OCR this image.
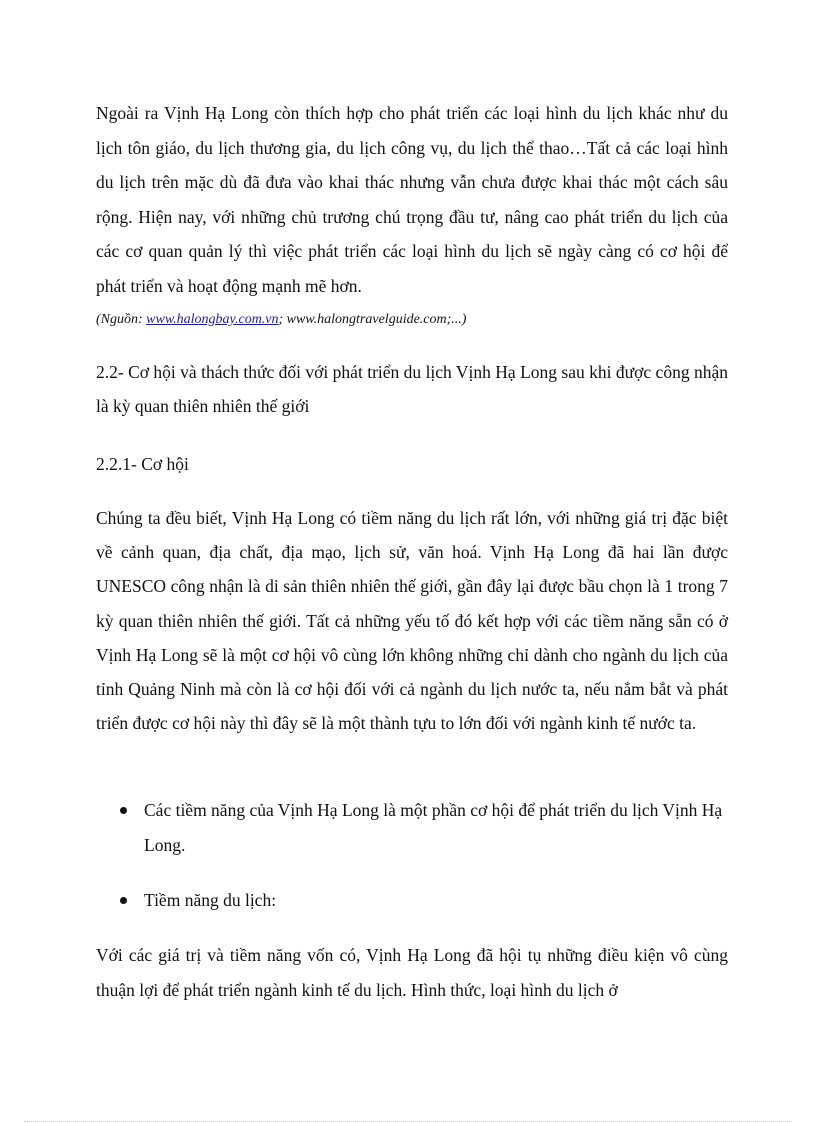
Ngoài ra Vịnh Hạ Long còn thích hợp cho phát triển các loại hình du lịch khác như du lịch tôn giáo, du lịch thương gia, du lịch công vụ, du lịch thể thao…Tất cả các loại hình du lịch trên mặc dù đã đưa vào khai thác nhưng vẫn chưa được khai thác một cách sâu rộng. Hiện nay, với những chủ trương chú trọng đầu tư, nâng cao phát triển du lịch của các cơ quan quản lý thì việc phát triển các loại hình du lịch sẽ ngày càng có cơ hội để phát triển và hoạt động mạnh mẽ hơn.

(Nguồn: www.halongbay.com.vn; www.halongtravelguide.com;...)

2.2- Cơ hội và thách thức đối với phát triển du lịch Vịnh Hạ Long sau khi được công nhận là kỳ quan thiên nhiên thế giới

2.2.1- Cơ hội

Chúng ta đều biết, Vịnh Hạ Long có tiềm năng du lịch rất lớn, với những giá trị đặc biệt về cảnh quan, địa chất, địa mạo, lịch sử, văn hoá. Vịnh Hạ Long đã hai lần được UNESCO công nhận là di sản thiên nhiên thế giới, gần đây lại được bầu chọn là 1 trong 7 kỳ quan thiên nhiên thế giới. Tất cả những yếu tố đó kết hợp với các tiềm năng sẵn có ở Vịnh Hạ Long sẽ là một cơ hội vô cùng lớn không những chỉ dành cho ngành du lịch của tỉnh Quảng Ninh mà còn là cơ hội đối với cả ngành du lịch nước ta, nếu nắm bắt và phát triển được cơ hội này thì đây sẽ là một thành tựu to lớn đối với ngành kinh tế nước ta.

Các tiềm năng của Vịnh Hạ Long là một phần cơ hội để phát triển du lịch Vịnh Hạ Long.
Tiềm năng du lịch:

Với các giá trị và tiềm năng vốn có, Vịnh Hạ Long đã hội tụ những điều kiện vô cùng thuận lợi để phát triển ngành kinh tế du lịch. Hình thức, loại hình du lịch ở
